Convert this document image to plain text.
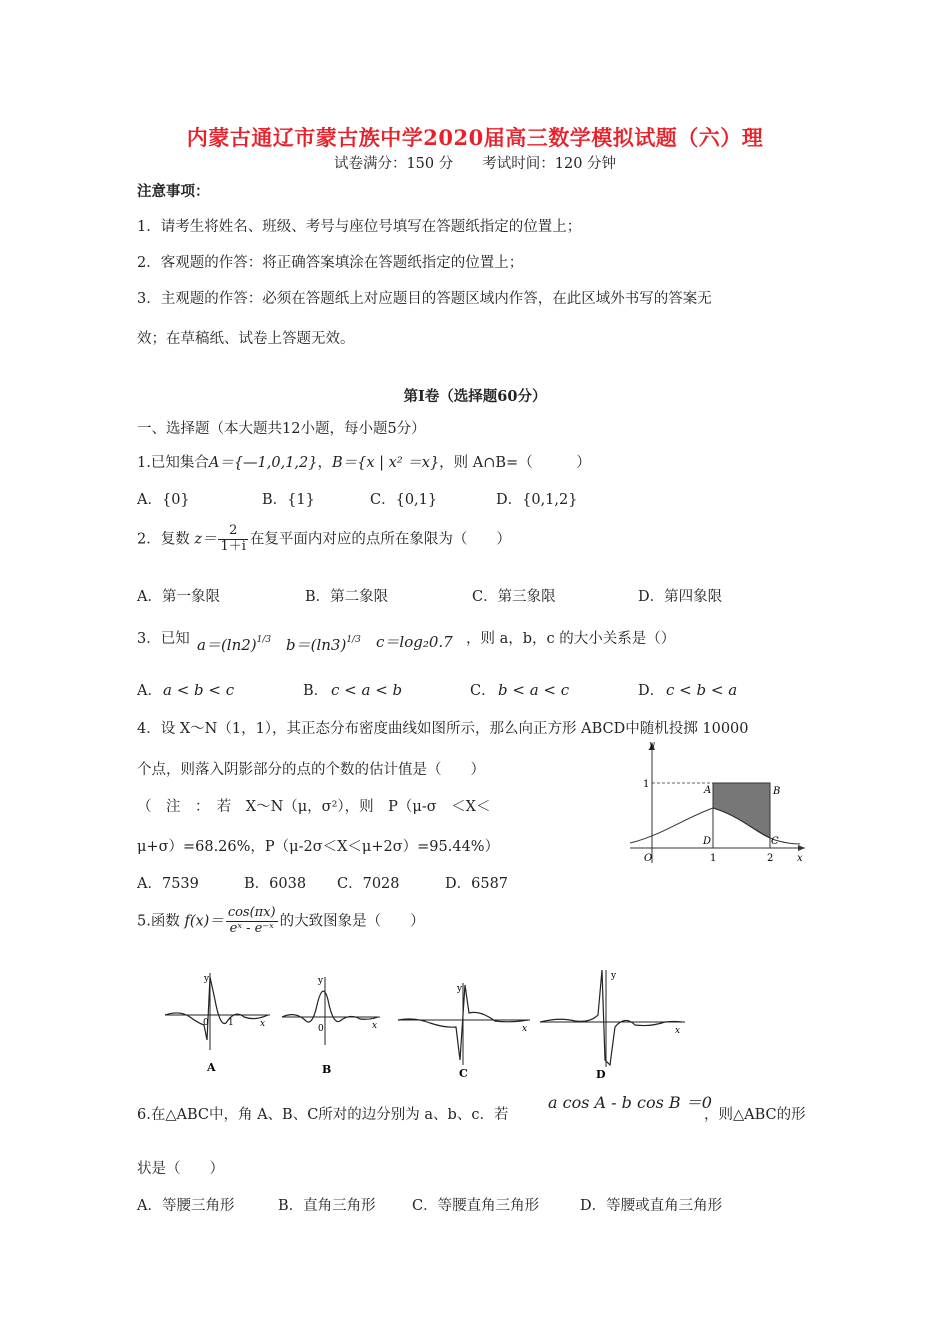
内蒙古通辽市蒙古族中学2020届高三数学模拟试题（六）理
试卷满分：150 分　　考试时间：120 分钟
注意事项：
1．请考生将姓名、班级、考号与座位号填写在答题纸指定的位置上；
2．客观题的作答：将正确答案填涂在答题纸指定的位置上；
3．主观题的作答：必须在答题纸上对应题目的答题区域内作答，在此区域外书写的答案无
效；在草稿纸、试卷上答题无效。
第Ⅰ卷（选择题60分）
一、选择题（本大题共12小题，每小题5分）
1.已知集合A＝{—1,0,1,2}，B＝{x | x² ＝x}，则 A∩B=（　　　）
A．{0}	B．{1}	C．{0,1}	D．{0,1,2}
2．复数 $z= \frac{2}{1+i}$ 在复平面内对应的点所在象限为（　　）
A．第一象限	B．第二象限	C．第三象限	D．第四象限
3．已知 $a=(\ln 2)^{1/3}$ $b=(\ln 3)^{1/3}$ c＝log₂0.7 ，则 a，b，c 的大小关系是（）
A． a < b < c	B． c < a < b	C． b < a < c	D． c < b < a
4．设 X～N（1，1），其正态分布密度曲线如图所示，那么向正方形 ABCD中随机投掷 10000
个点，则落入阴影部分的点的个数的估计值是（　　）
（　注　：　若　X～N（μ，σ²），则　P（μ-σ　＜X＜
μ+σ）=68.26%，P（μ-2σ＜X＜μ+2σ）=95.44%）
A．7539	B．6038 C．7028	D．6587
y
1
A	B
D	C
O	1	2 x
5.函数 $f(x)= \frac{\cos(\pi x)}{\text{eˣ - e⁻ˣ}}$ 的大致图象是（　　）
y
x
0 1
A
y
x
0
B
y
x
C
y
x
D
6.在△ABC中，角 A、B、C所对的边分别为 a、b、c．若
a cos A - b cos B ＝0
，则△ABC的形
状是（　　）
A．等腰三角形	B．直角三角形	C．等腰直角三角形	D．等腰或直角三角形
